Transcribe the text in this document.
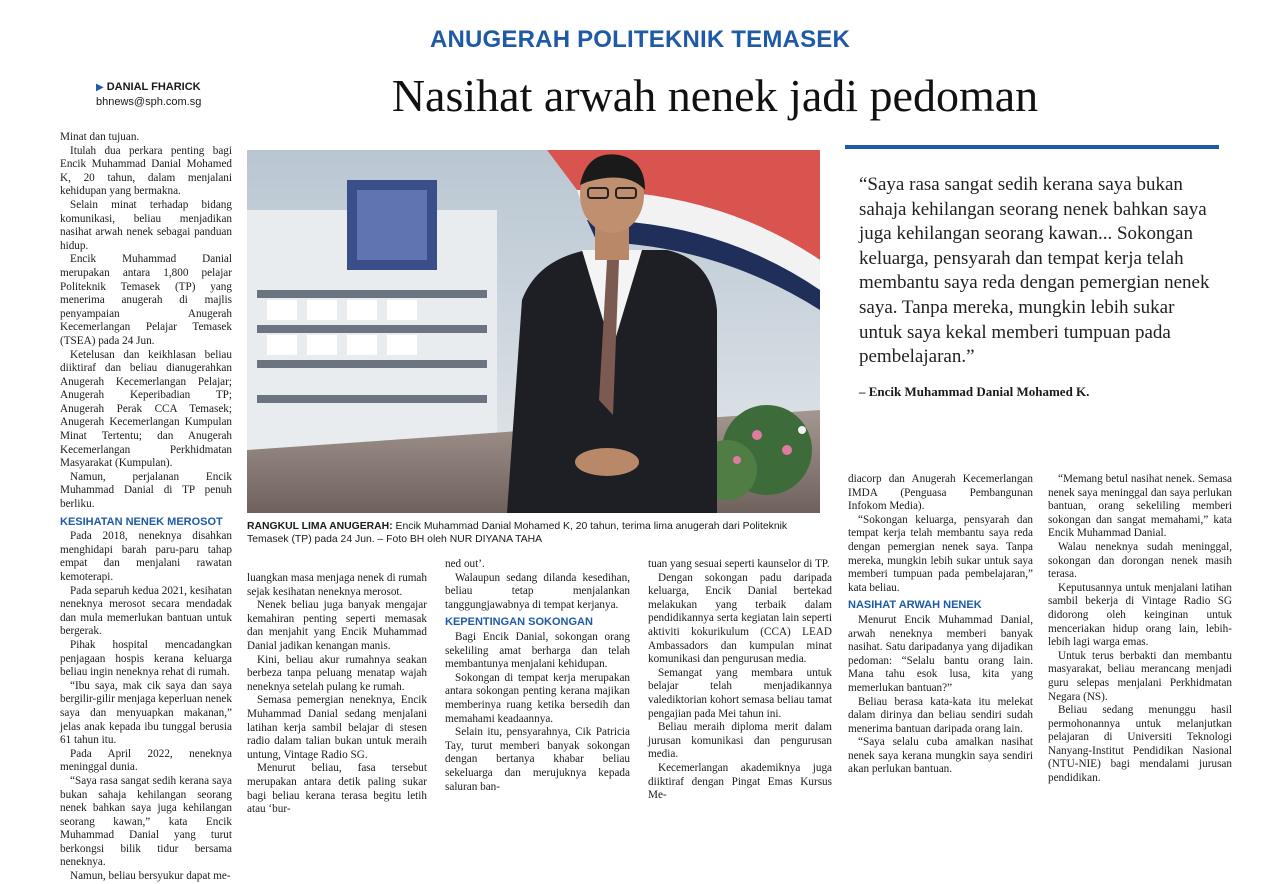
ANUGERAH POLITEKNIK TEMASEK
▶ DANIAL FHARICK
bhnews@sph.com.sg	Nasihat arwah nenek jadi pedoman

Minat dan tujuan.

Itulah dua perkara penting bagi Encik Muhammad Danial Mohamed K, 20 tahun, dalam menjalani kehidupan yang bermakna.

Selain minat terhadap bidang komunikasi, beliau menjadikan nasihat arwah nenek sebagai panduan hidup.

Encik Muhammad Danial merupakan antara 1,800 pelajar Politeknik Temasek (TP) yang menerima anugerah di majlis penyampaian Anugerah Kecemerlangan Pelajar Temasek (TSEA) pada 24 Jun.

Ketelusan dan keikhlasan beliau diiktiraf dan beliau dianugerahkan Anugerah Kecemerlangan Pelajar; Anugerah Keperibadian TP; Anugerah Perak CCA Temasek; Anugerah Kecemerlangan Kumpulan Minat Tertentu; dan Anugerah Kecemerlangan Perkhidmatan Masyarakat (Kumpulan).

Namun, perjalanan Encik Muhammad Danial di TP penuh berliku.

KESIHATAN NENEK MEROSOT

Pada 2018, neneknya disahkan menghidapi barah paru-paru tahap empat dan menjalani rawatan kemoterapi.

Pada separuh kedua 2021, kesihatan neneknya merosot secara mendadak dan mula memerlukan bantuan untuk bergerak.

Pihak hospital mencadangkan penjagaan hospis kerana keluarga beliau ingin neneknya rehat di rumah.

“Ibu saya, mak cik saya dan saya bergilir-gilir menjaga keperluan nenek saya dan menyuapkan makanan,” jelas anak kepada ibu tunggal berusia 61 tahun itu.

Pada April 2022, neneknya meninggal dunia.

“Saya rasa sangat sedih kerana saya bukan sahaja kehilangan seorang nenek bahkan saya juga kehilangan seorang kawan,” kata Encik Muhammad Danial yang turut berkongsi bilik tidur bersama neneknya.

Namun, beliau bersyukur dapat me-

RANGKUL LIMA ANUGERAH: Encik Muhammad Danial Mohamed K, 20 tahun, terima lima anugerah dari Politeknik Temasek (TP) pada 24 Jun. – Foto BH oleh NUR DIYANA TAHA
“Saya rasa sangat sedih kerana saya bukan sahaja kehilangan seorang nenek bahkan saya juga kehilangan seorang kawan... Sokongan keluarga, pensyarah dan tempat kerja telah membantu saya reda dengan pemergian nenek saya. Tanpa mereka, mungkin lebih sukar untuk saya kekal memberi tumpuan pada pembelajaran.”
– Encik Muhammad Danial Mohamed K.

luangkan masa menjaga nenek di rumah sejak kesihatan neneknya merosot.

Nenek beliau juga banyak mengajar kemahiran penting seperti memasak dan menjahit yang Encik Muhammad Danial jadikan kenangan manis.

Kini, beliau akur rumahnya seakan berbeza tanpa peluang menatap wajah neneknya setelah pulang ke rumah.

Semasa pemergian neneknya, Encik Muhammad Danial sedang menjalani latihan kerja sambil belajar di stesen radio dalam talian bukan untuk meraih untung, Vintage Radio SG.

Menurut beliau, fasa tersebut merupakan antara detik paling sukar bagi beliau kerana terasa begitu letih atau ‘bur-

ned out’.

Walaupun sedang dilanda kesedihan, beliau tetap menjalankan tanggungjawabnya di tempat kerjanya.

KEPENTINGAN SOKONGAN

Bagi Encik Danial, sokongan orang sekeliling amat berharga dan telah membantunya menjalani kehidupan.

Sokongan di tempat kerja merupakan antara sokongan penting kerana majikan memberinya ruang ketika bersedih dan memahami keadaannya.

Selain itu, pensyarahnya, Cik Patricia Tay, turut memberi banyak sokongan dengan bertanya khabar beliau sekeluarga dan merujuknya kepada saluran ban-

tuan yang sesuai seperti kaunselor di TP.

Dengan sokongan padu daripada keluarga, Encik Danial bertekad melakukan yang terbaik dalam pendidikannya serta kegiatan lain seperti aktiviti kokurikulum (CCA) LEAD Ambassadors dan kumpulan minat komunikasi dan pengurusan media.

Semangat yang membara untuk belajar telah menjadikannya valediktorian kohort semasa beliau tamat pengajian pada Mei tahun ini.

Beliau meraih diploma merit dalam jurusan komunikasi dan pengurusan media.

Kecemerlangan akademiknya juga diiktiraf dengan Pingat Emas Kursus Me-

diacorp dan Anugerah Kecemerlangan IMDA (Penguasa Pembangunan Infokom Media).

“Sokongan keluarga, pensyarah dan tempat kerja telah membantu saya reda dengan pemergian nenek saya. Tanpa mereka, mungkin lebih sukar untuk saya memberi tumpuan pada pembelajaran,” kata beliau.

NASIHAT ARWAH NENEK

Menurut Encik Muhammad Danial, arwah neneknya memberi banyak nasihat. Satu daripadanya yang dijadikan pedoman: “Selalu bantu orang lain. Mana tahu esok lusa, kita yang memerlukan bantuan?”

Beliau berasa kata-kata itu melekat dalam dirinya dan beliau sendiri sudah menerima bantuan daripada orang lain.

“Saya selalu cuba amalkan nasihat nenek saya kerana mungkin saya sendiri akan perlukan bantuan.

“Memang betul nasihat nenek. Semasa nenek saya meninggal dan saya perlukan bantuan, orang sekeliling memberi sokongan dan sangat memahami,” kata Encik Muhammad Danial.

Walau neneknya sudah meninggal, sokongan dan dorongan nenek masih terasa.

Keputusannya untuk menjalani latihan sambil bekerja di Vintage Radio SG didorong oleh keinginan untuk menceriakan hidup orang lain, lebih-lebih lagi warga emas.

Untuk terus berbakti dan membantu masyarakat, beliau merancang menjadi guru selepas menjalani Perkhidmatan Negara (NS).

Beliau sedang menunggu hasil permohonannya untuk melanjutkan pelajaran di Universiti Teknologi Nanyang-Institut Pendidikan Nasional (NTU-NIE) bagi mendalami jurusan pendidikan.
